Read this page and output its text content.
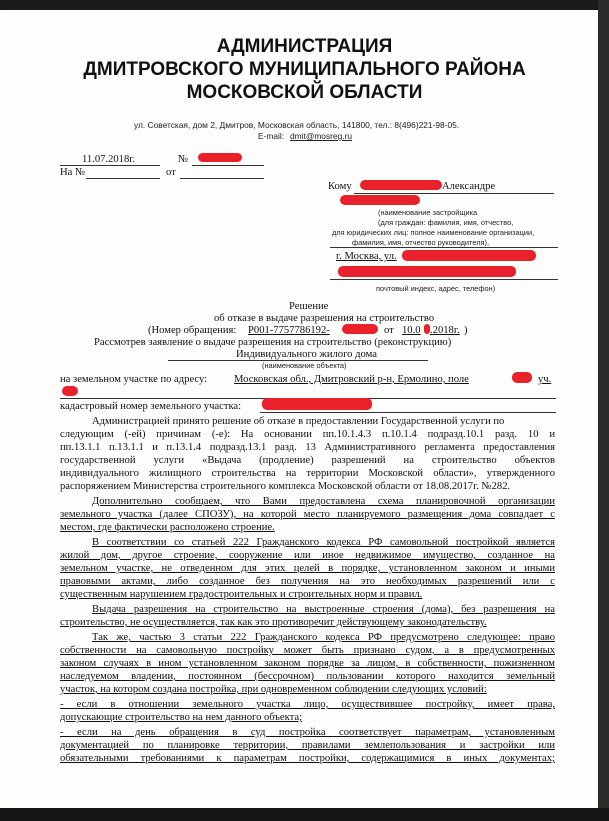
АДМИНИСТРАЦИЯ
ДМИТРОВСКОГО МУНИЦИПАЛЬНОГО РАЙОНА
МОСКОВСКОЙ ОБЛАСТИ
ул. Советская, дом 2, Дмитров, Московская область, 141800, тел.: 8(496)221-98-05.
E-mail: dmit@mosreg.ru
11.07.2018г.	№
На №	от
Кому	Александре
(наименование застройщика
(для граждан: фамилия, имя, отчество,
для юридических лиц: полное наименование организации,
фамилия, имя, отчество руководителя),
г. Москва, ул.
почтовый индекс, адрес, телефон)
Решение
об отказе в выдаче разрешения на строительство
(Номер обращения: Р001-7757786192-	от 10.0 .2018г. )
Рассмотрев заявление о выдаче разрешения на строительство (реконструкцию)
Индивидуального жилого дома
(наименование объекта)
на земельном участке по адресу:	Московская обл., Дмитровский р-н, Ермолино, поле	уч.
кадастровый номер земельного участка:
Администрацией принято решение об отказе в предоставлении Государственной услуги по
следующим (-ей) причинам (-е): На основании пп.10.1.4.3 п.10.1.4 подразд.10.1 разд. 10 и
пп.13.1.1 п.13.1.1 и п.13.1.4 подразд.13.1 разд. 13 Административного регламента предоставления
государственной услуги «Выдача (продление) разрешений на строительство объектов
индивидуального жилищного строительства на территории Московской области», утвержденного
распоряжением Министерства строительного комплекса Московской области от 18.08.2017г. №282.
Дополнительно сообщаем, что Вами предоставлена схема планировочной организации
земельного участка (далее СПОЗУ), на которой место планируемого размещения дома совпадает с
местом, где фактически расположено строение.
В соответствии со статьей 222 Гражданского кодекса РФ самовольной постройкой является
жилой дом, другое строение, сооружение или иное недвижимое имущество, созданное на
земельном участке, не отведенном для этих целей в порядке, установленном законом и иными
правовыми актами, либо созданное без получения на это необходимых разрешений или с
существенным нарушением градостроительных и строительных норм и правил.
Выдача разрешения на строительство на выстроенные строения (дома), без разрешения на
строительство, не осуществляется, так как это противоречит действующему законодательству.
Так же, частью 3 статьи 222 Гражданского кодекса РФ предусмотрено следующее: право
собственности на самовольную постройку может быть признано судом, а в предусмотренных
законом случаях в ином установленном законом порядке за лицом, в собственности, пожизненном
наследуемом владении, постоянном (бессрочном) пользовании которого находится земельный
участок, на котором создана постройка, при одновременном соблюдении следующих условий:
- если в отношении земельного участка лицо, осуществившее постройку, имеет права,
допускающие строительство на нем данного объекта;
- если на день обращения в суд постройка соответствует параметрам, установленным
документацией по планировке территории, правилами землепользования и застройки или
обязательными требованиями к параметрам постройки, содержащимися в иных документах;
